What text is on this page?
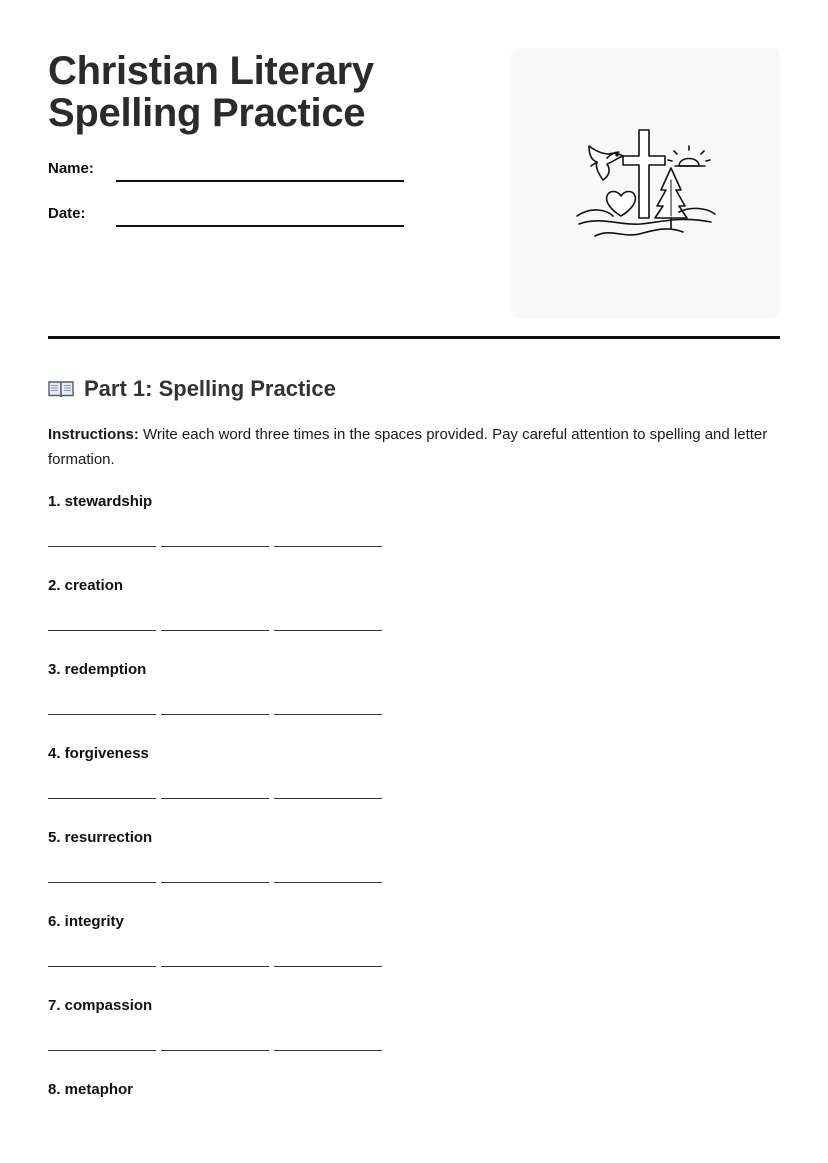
Christian Literary
Spelling Practice
Name:
Date:
Part 1: Spelling Practice

Instructions: Write each word three times in the spaces provided. Pay careful attention to spelling and letter formation.

1. stewardship
2. creation
3. redemption
4. forgiveness
5. resurrection
6. integrity
7. compassion
8. metaphor
